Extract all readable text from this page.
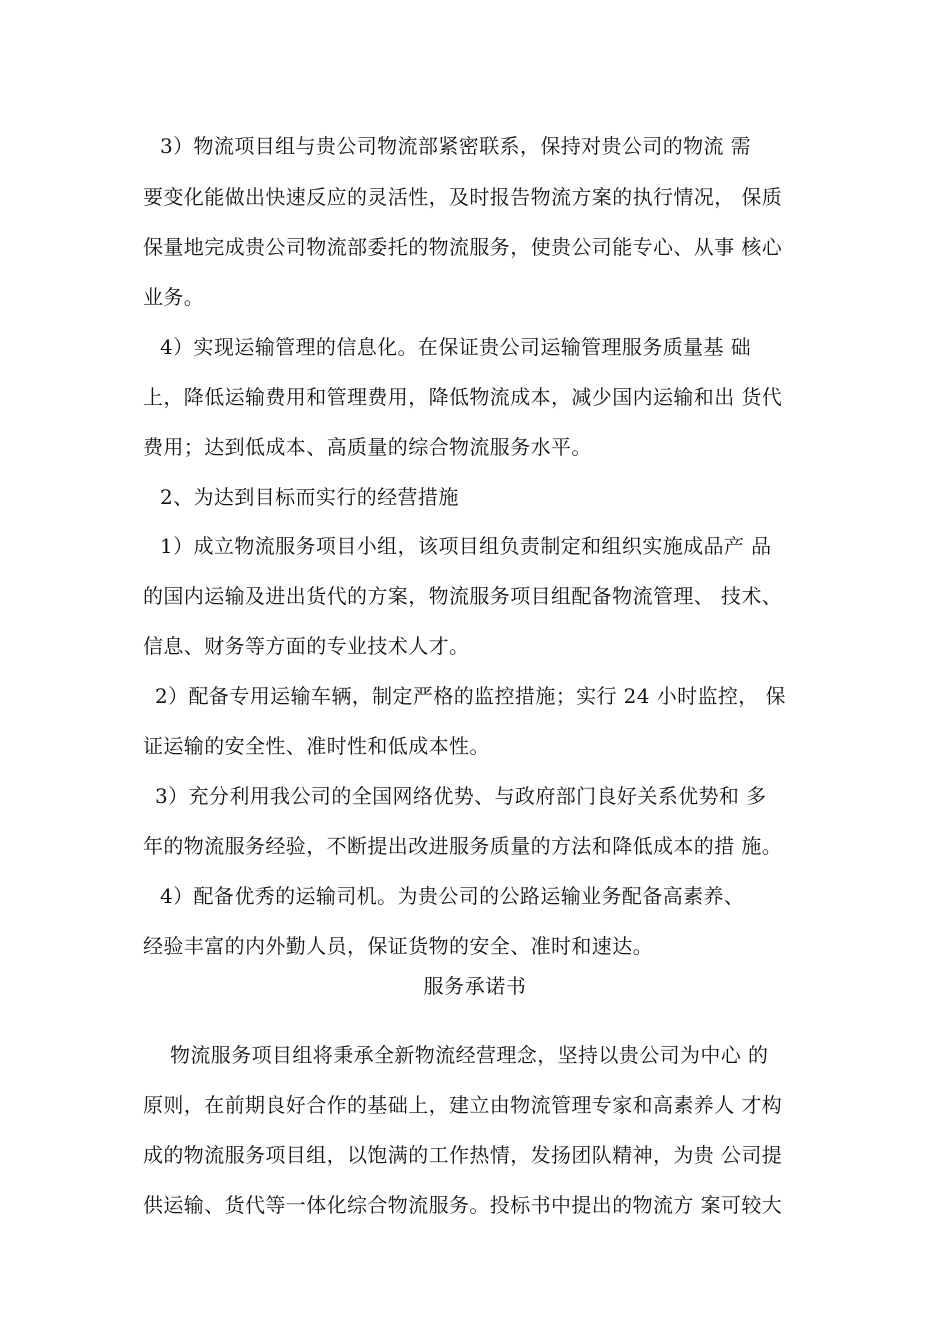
3）物流项目组与贵公司物流部紧密联系，保持对贵公司的物流 需
要变化能做出快速反应的灵活性，及时报告物流方案的执行情况， 保质
保量地完成贵公司物流部委托的物流服务，使贵公司能专心、从事 核心
业务。
4）实现运输管理的信息化。在保证贵公司运输管理服务质量基 础
上，降低运输费用和管理费用，降低物流成本，减少国内运输和出 货代
费用；达到低成本、高质量的综合物流服务水平。
2、为达到目标而实行的经营措施
1）成立物流服务项目小组，该项目组负责制定和组织实施成品产 品
的国内运输及进出货代的方案，物流服务项目组配备物流管理、 技术、
信息、财务等方面的专业技术人才。
2）配备专用运输车辆，制定严格的监控措施；实行 24 小时监控， 保
证运输的安全性、准时性和低成本性。
3）充分利用我公司的全国网络优势、与政府部门良好关系优势和 多
年的物流服务经验，不断提出改进服务质量的方法和降低成本的措 施。
4）配备优秀的运输司机。为贵公司的公路运输业务配备高素养、
经验丰富的内外勤人员，保证货物的安全、准时和速达。
服务承诺书
物流服务项目组将秉承全新物流经营理念，坚持以贵公司为中心 的
原则，在前期良好合作的基础上，建立由物流管理专家和高素养人 才构
成的物流服务项目组，以饱满的工作热情，发扬团队精神，为贵 公司提
供运输、货代等一体化综合物流服务。投标书中提出的物流方 案可较大
